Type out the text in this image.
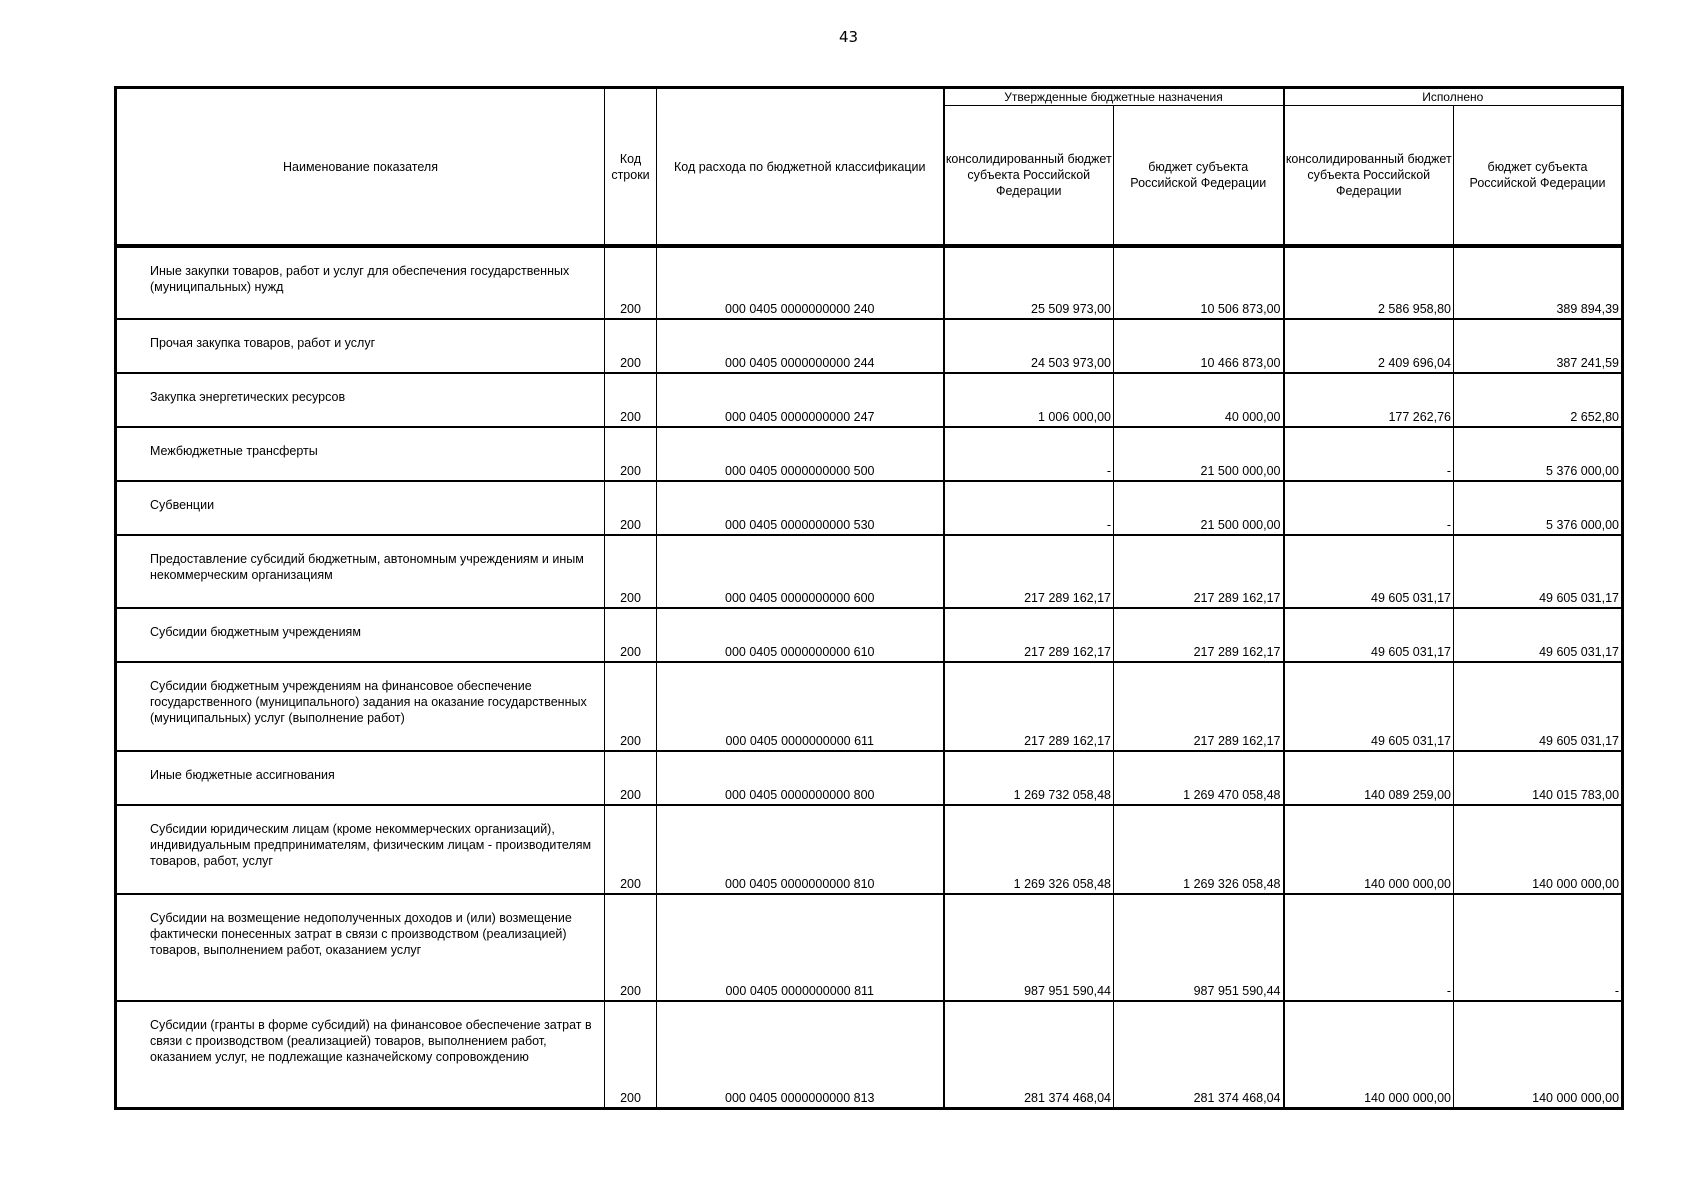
43
Наименование показателя	Код строки	Код расхода по бюджетной классификации	Утвержденные бюджетные назначения		Исполнено	
			консолидированный бюджет субъекта Российской Федерации	бюджет субъекта Российской Федерации	консолидированный бюджет субъекта Российской Федерации	бюджет субъекта Российской Федерации
Иные закупки товаров, работ и услуг для обеспечения государственных (муниципальных) нужд	200	000 0405 0000000000 240	25 509 973,00	10 506 873,00	2 586 958,80	389 894,39
Прочая закупка товаров, работ и услуг	200	000 0405 0000000000 244	24 503 973,00	10 466 873,00	2 409 696,04	387 241,59
Закупка энергетических ресурсов	200	000 0405 0000000000 247	1 006 000,00	40 000,00	177 262,76	2 652,80
Межбюджетные трансферты	200	000 0405 0000000000 500	-	21 500 000,00	-	5 376 000,00
Субвенции	200	000 0405 0000000000 530	-	21 500 000,00	-	5 376 000,00
Предоставление субсидий бюджетным, автономным учреждениям и иным некоммерческим организациям	200	000 0405 0000000000 600	217 289 162,17	217 289 162,17	49 605 031,17	49 605 031,17
Субсидии бюджетным учреждениям	200	000 0405 0000000000 610	217 289 162,17	217 289 162,17	49 605 031,17	49 605 031,17
Субсидии бюджетным учреждениям на финансовое обеспечение государственного (муниципального) задания на оказание государственных (муниципальных) услуг (выполнение работ)	200	000 0405 0000000000 611	217 289 162,17	217 289 162,17	49 605 031,17	49 605 031,17
Иные бюджетные ассигнования	200	000 0405 0000000000 800	1 269 732 058,48	1 269 470 058,48	140 089 259,00	140 015 783,00
Субсидии юридическим лицам (кроме некоммерческих организаций), индивидуальным предпринимателям, физическим лицам - производителям товаров, работ, услуг	200	000 0405 0000000000 810	1 269 326 058,48	1 269 326 058,48	140 000 000,00	140 000 000,00
Субсидии на возмещение недополученных доходов и (или) возмещение фактически понесенных затрат в связи с производством (реализацией) товаров, выполнением работ, оказанием услуг	200	000 0405 0000000000 811	987 951 590,44	987 951 590,44	-	-
Субсидии (гранты в форме субсидий) на финансовое обеспечение затрат в связи с производством (реализацией) товаров, выполнением работ, оказанием услуг, не подлежащие казначейскому сопровождению	200	000 0405 0000000000 813	281 374 468,04	281 374 468,04	140 000 000,00	140 000 000,00
